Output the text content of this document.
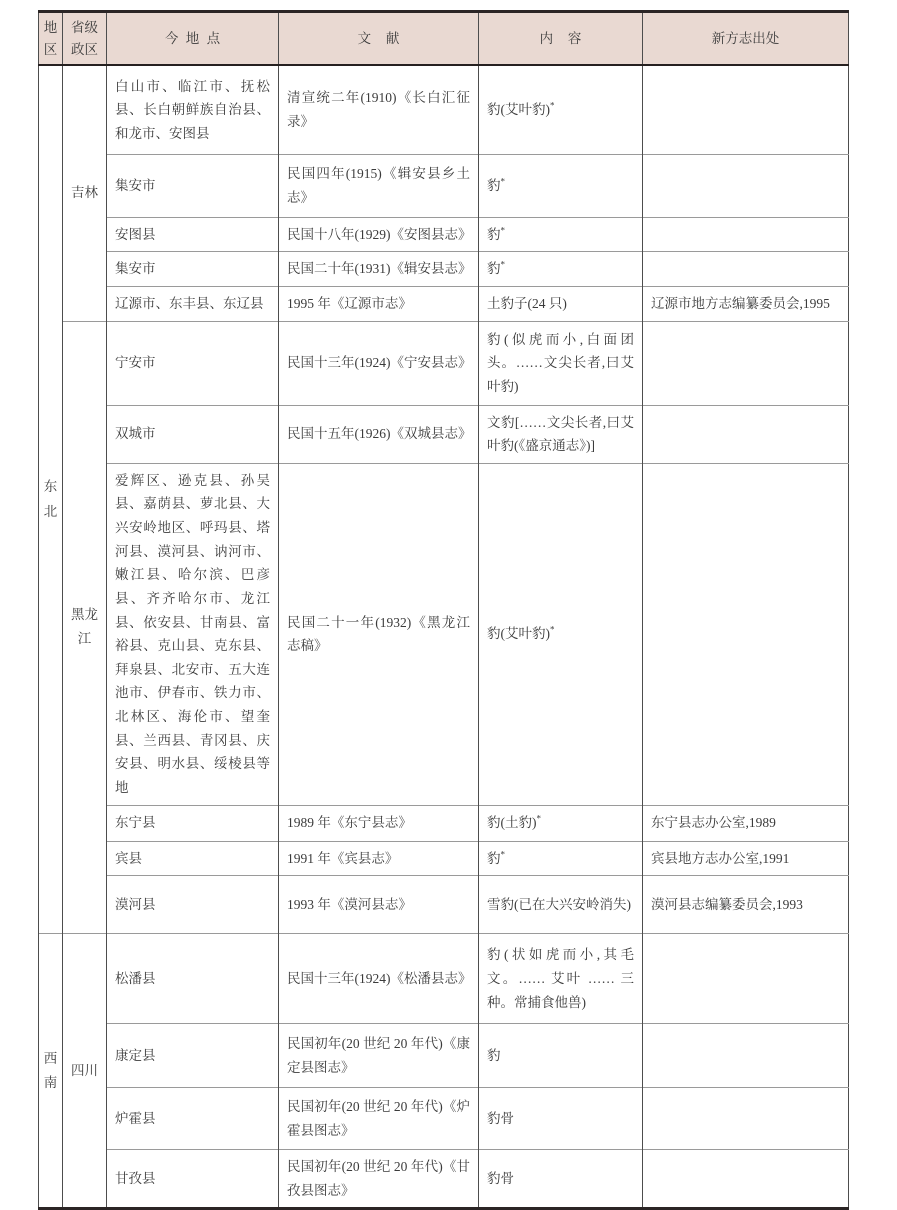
地区	省级政区	今地点	文献	内容	新方志出处
东北	吉林	白山市、临江市、抚松县、长白朝鲜族自治县、和龙市、安图县	清宣统二年(1910)《长白汇征录》	豹(艾叶豹)*	
		集安市	民国四年(1915)《辑安县乡土志》	豹*	
		安图县	民国十八年(1929)《安图县志》	豹*	
		集安市	民国二十年(1931)《辑安县志》	豹*	
		辽源市、东丰县、东辽县	1995 年《辽源市志》	土豹子(24 只)	辽源市地方志编纂委员会,1995
	黑龙江	宁安市	民国十三年(1924)《宁安县志》	豹(似虎而小,白面团头。……文尖长者,曰艾叶豹)	
		双城市	民国十五年(1926)《双城县志》	文豹[……文尖长者,曰艾叶豹(《盛京通志》)]	
		爱辉区、逊克县、孙吴县、嘉荫县、萝北县、大兴安岭地区、呼玛县、塔河县、漠河县、讷河市、嫩江县、哈尔滨、巴彦县、齐齐哈尔市、龙江县、依安县、甘南县、富裕县、克山县、克东县、拜泉县、北安市、五大连池市、伊春市、铁力市、北林区、海伦市、望奎县、兰西县、青冈县、庆安县、明水县、绥棱县等地	民国二十一年(1932)《黑龙江志稿》	豹(艾叶豹)*	
		东宁县	1989 年《东宁县志》	豹(土豹)*	东宁县志办公室,1989
		宾县	1991 年《宾县志》	豹*	宾县地方志办公室,1991
		漠河县	1993 年《漠河县志》	雪豹(已在大兴安岭消失)	漠河县志编纂委员会,1993
西南	四川	松潘县	民国十三年(1924)《松潘县志》	豹(状如虎而小,其毛文。…… 艾叶 …… 三种。常捕食他兽)	
		康定县	民国初年(20 世纪 20 年代)《康定县图志》	豹	
		炉霍县	民国初年(20 世纪 20 年代)《炉霍县图志》	豹骨	
		甘孜县	民国初年(20 世纪 20 年代)《甘孜县图志》	豹骨	
